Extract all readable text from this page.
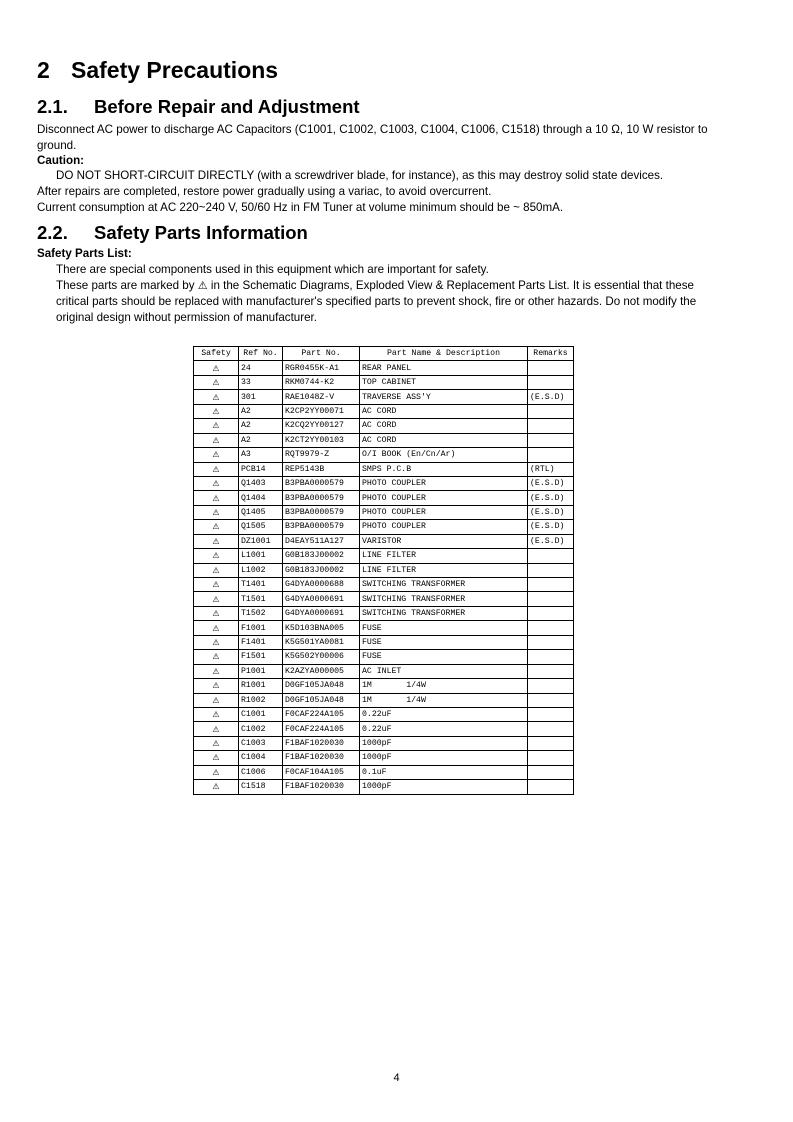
2 Safety Precautions
2.1. Before Repair and Adjustment

Disconnect AC power to discharge AC Capacitors (C1001, C1002, C1003, C1004, C1006, C1518) through a 10 Ω, 10 W resistor to

ground.

Caution:

DO NOT SHORT-CIRCUIT DIRECTLY (with a screwdriver blade, for instance), as this may destroy solid state devices.

After repairs are completed, restore power gradually using a variac, to avoid overcurrent.

Current consumption at AC 220~240 V, 50/60 Hz in FM Tuner at volume minimum should be ~ 850mA.

2.2. Safety Parts Information

Safety Parts List:

There are special components used in this equipment which are important for safety.

These parts are marked by ⚠ in the Schematic Diagrams, Exploded View & Replacement Parts List. It is essential that these

critical parts should be replaced with manufacturer's specified parts to prevent shock, fire or other hazards. Do not modify the

original design without permission of manufacturer.

Safety	Ref No.	Part No.	Part Name & Description	Remarks
⚠	24	RGR0455K-A1	REAR PANEL	
⚠	33	RKM0744-K2	TOP CABINET	
⚠	301	RAE1048Z-V	TRAVERSE ASS'Y	(E.S.D)
⚠	A2	K2CP2YY00071	AC CORD	
⚠	A2	K2CQ2YY00127	AC CORD	
⚠	A2	K2CT2YY00103	AC CORD	
⚠	A3	RQT9979-Z	O/I BOOK (En/Cn/Ar)	
⚠	PCB14	REP5143B	SMPS P.C.B	(RTL)
⚠	Q1403	B3PBA0000579	PHOTO COUPLER	(E.S.D)
⚠	Q1404	B3PBA0000579	PHOTO COUPLER	(E.S.D)
⚠	Q1405	B3PBA0000579	PHOTO COUPLER	(E.S.D)
⚠	Q1505	B3PBA0000579	PHOTO COUPLER	(E.S.D)
⚠	DZ1001	D4EAY511A127	VARISTOR	(E.S.D)
⚠	L1001	G0B183J00002	LINE FILTER	
⚠	L1002	G0B183J00002	LINE FILTER	
⚠	T1401	G4DYA0000688	SWITCHING TRANSFORMER	
⚠	T1501	G4DYA0000691	SWITCHING TRANSFORMER	
⚠	T1502	G4DYA0000691	SWITCHING TRANSFORMER	
⚠	F1001	K5D103BNA005	FUSE	
⚠	F1401	K5G501YA0081	FUSE	
⚠	F1501	K5G502Y00006	FUSE	
⚠	P1001	K2AZYA000005	AC INLET	
⚠	R1001	D0GF105JA048	1M       1/4W	
⚠	R1002	D0GF105JA048	1M       1/4W	
⚠	C1001	F0CAF224A105	0.22uF	
⚠	C1002	F0CAF224A105	0.22uF	
⚠	C1003	F1BAF1020030	1000pF	
⚠	C1004	F1BAF1020030	1000pF	
⚠	C1006	F0CAF104A105	0.1uF	
⚠	C1518	F1BAF1020030	1000pF	
4
